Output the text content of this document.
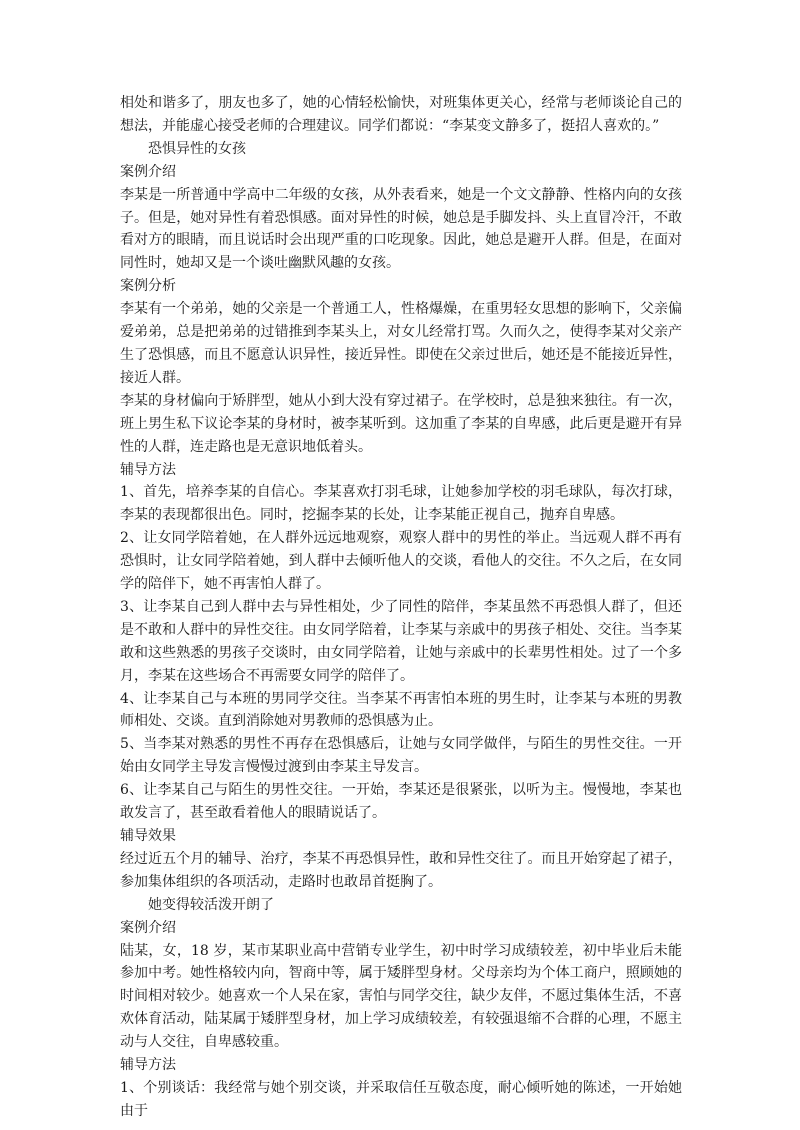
相处和谐多了，朋友也多了，她的心情轻松愉快，对班集体更关心，经常与老师谈论自己的想法，并能虚心接受老师的合理建议。同学们都说：“李某变文静多了，挺招人喜欢的。”

恐惧异性的女孩

案例介绍

李某是一所普通中学高中二年级的女孩，从外表看来，她是一个文文静静、性格内向的女孩子。但是，她对异性有着恐惧感。面对异性的时候，她总是手脚发抖、头上直冒冷汗，不敢看对方的眼睛，而且说话时会出现严重的口吃现象。因此，她总是避开人群。但是，在面对同性时，她却又是一个谈吐幽默风趣的女孩。

案例分析

李某有一个弟弟，她的父亲是一个普通工人，性格爆燥，在重男轻女思想的影响下，父亲偏爱弟弟，总是把弟弟的过错推到李某头上，对女儿经常打骂。久而久之，使得李某对父亲产生了恐惧感，而且不愿意认识异性，接近异性。即使在父亲过世后，她还是不能接近异性，接近人群。

李某的身材偏向于矫胖型，她从小到大没有穿过裙子。在学校时，总是独来独往。有一次，班上男生私下议论李某的身材时，被李某听到。这加重了李某的自卑感，此后更是避开有异性的人群，连走路也是无意识地低着头。

辅导方法

1、首先，培养李某的自信心。李某喜欢打羽毛球，让她参加学校的羽毛球队，每次打球，李某的表现都很出色。同时，挖掘李某的长处，让李某能正视自己，抛弃自卑感。

2、让女同学陪着她，在人群外远远地观察，观察人群中的男性的举止。当远观人群不再有恐惧时，让女同学陪着她，到人群中去倾听他人的交谈，看他人的交往。不久之后，在女同学的陪伴下，她不再害怕人群了。

3、让李某自己到人群中去与异性相处，少了同性的陪伴，李某虽然不再恐惧人群了，但还是不敢和人群中的异性交往。由女同学陪着，让李某与亲戚中的男孩子相处、交往。当李某敢和这些熟悉的男孩子交谈时，由女同学陪着，让她与亲戚中的长辈男性相处。过了一个多月，李某在这些场合不再需要女同学的陪伴了。

4、让李某自己与本班的男同学交往。当李某不再害怕本班的男生时，让李某与本班的男教师相处、交谈。直到消除她对男教师的恐惧感为止。

5、当李某对熟悉的男性不再存在恐惧感后，让她与女同学做伴，与陌生的男性交往。一开始由女同学主导发言慢慢过渡到由李某主导发言。

6、让李某自己与陌生的男性交往。一开始，李某还是很紧张，以听为主。慢慢地，李某也敢发言了，甚至敢看着他人的眼睛说话了。

辅导效果

经过近五个月的辅导、治疗，李某不再恐惧异性，敢和异性交往了。而且开始穿起了裙子，参加集体组织的各项活动，走路时也敢昂首挺胸了。

她变得较活泼开朗了

案例介绍

陆某，女，18 岁，某市某职业高中营销专业学生，初中时学习成绩较差，初中毕业后未能参加中考。她性格较内向，智商中等，属于矮胖型身材。父母亲均为个体工商户，照顾她的时间相对较少。她喜欢一个人呆在家，害怕与同学交往，缺少友伴，不愿过集体生活，不喜欢体育活动，陆某属于矮胖型身材，加上学习成绩较差，有较强退缩不合群的心理，不愿主动与人交往，自卑感较重。

辅导方法

1、个别谈话：我经常与她个别交谈，并采取信任互敬态度，耐心倾听她的陈述，一开始她由于
